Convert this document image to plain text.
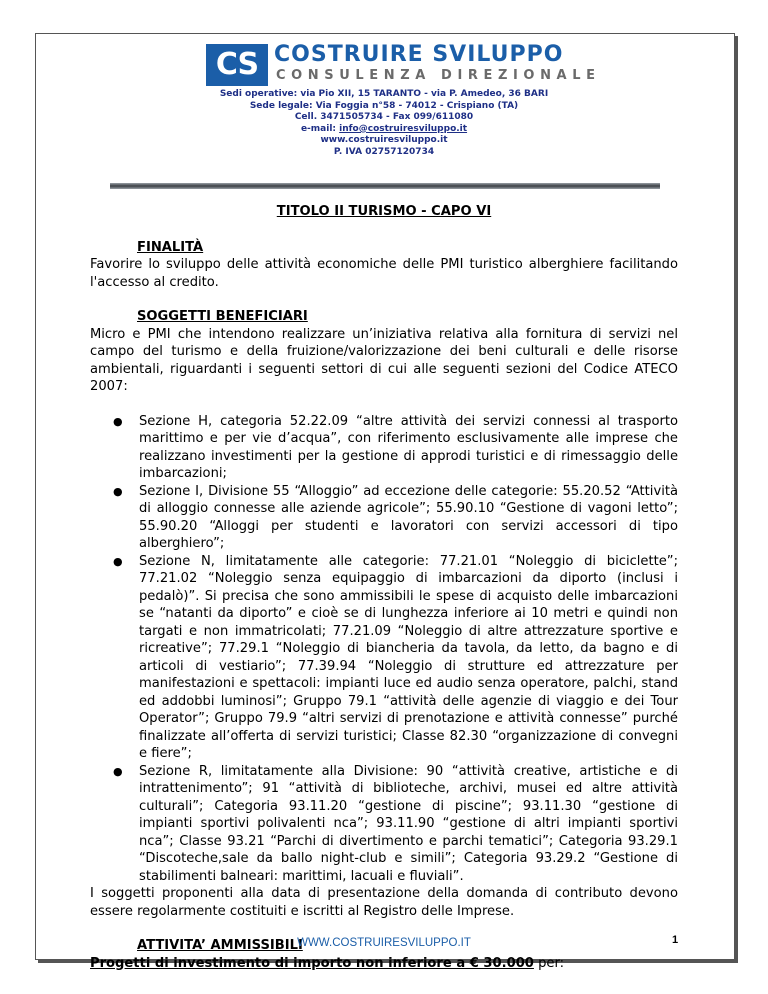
CS COSTRUIRE SVILUPPO
CONSULENZA DIREZIONALE
Sedi operative: via Pio XII, 15 TARANTO - via P. Amedeo, 36 BARI
Sede legale: Via Foggia n°58 - 74012 - Crispiano (TA)
Cell. 3471505734 - Fax 099/611080
e-mail: info@costruiresviluppo.it
www.costruiresviluppo.it
P. IVA 02757120734
TITOLO II TURISMO - CAPO VI
FINALITÀ

Favorire lo sviluppo delle attività economiche delle PMI turistico alberghiere facilitando l'accesso al credito.

SOGGETTI BENEFICIARI

Micro e PMI che intendono realizzare un’iniziativa relativa alla fornitura di servizi nel campo del turismo e della fruizione/valorizzazione dei beni culturali e delle risorse ambientali, riguardanti i seguenti settori di cui alle seguenti sezioni del Codice ATECO 2007:

● Sezione H, categoria 52.22.09 “altre attività dei servizi connessi al trasporto marittimo e per vie d’acqua”, con riferimento esclusivamente alle imprese che realizzano investimenti per la gestione di approdi turistici e di rimessaggio delle imbarcazioni;
● Sezione I, Divisione 55 “Alloggio” ad eccezione delle categorie: 55.20.52 “Attività di alloggio connesse alle aziende agricole”; 55.90.10 “Gestione di vagoni letto”; 55.90.20 “Alloggi per studenti e lavoratori con servizi accessori di tipo alberghiero”;
● Sezione N, limitatamente alle categorie: 77.21.01 “Noleggio di biciclette”; 77.21.02 “Noleggio senza equipaggio di imbarcazioni da diporto (inclusi i pedalò)”. Si precisa che sono ammissibili le spese di acquisto delle imbarcazioni se “natanti da diporto” e cioè se di lunghezza inferiore ai 10 metri e quindi non targati e non immatricolati; 77.21.09 “Noleggio di altre attrezzature sportive e ricreative”; 77.29.1 “Noleggio di biancheria da tavola, da letto, da bagno e di articoli di vestiario”; 77.39.94 “Noleggio di strutture ed attrezzature per manifestazioni e spettacoli: impianti luce ed audio senza operatore, palchi, stand ed addobbi luminosi”; Gruppo 79.1 “attività delle agenzie di viaggio e dei Tour Operator”; Gruppo 79.9 “altri servizi di prenotazione e attività connesse” purché finalizzate all’offerta di servizi turistici; Classe 82.30 “organizzazione di convegni e fiere”;
● Sezione R, limitatamente alla Divisione: 90 “attività creative, artistiche e di intrattenimento”; 91 “attività di biblioteche, archivi, musei ed altre attività culturali”; Categoria 93.11.20 “gestione di piscine”; 93.11.30 “gestione di impianti sportivi polivalenti nca”; 93.11.90 “gestione di altri impianti sportivi nca”; Classe 93.21 “Parchi di divertimento e parchi tematici”; Categoria 93.29.1 “Discoteche,sale da ballo night-club e simili”; Categoria 93.29.2 “Gestione di stabilimenti balneari: marittimi, lacuali e fluviali”.

I soggetti proponenti alla data di presentazione della domanda di contributo devono essere regolarmente costituiti e iscritti al Registro delle Imprese.

ATTIVITA’ AMMISSIBILI

Progetti di investimento di importo non inferiore a € 30.000 per:

WWW.COSTRUIRESVILUPPO.IT	1
